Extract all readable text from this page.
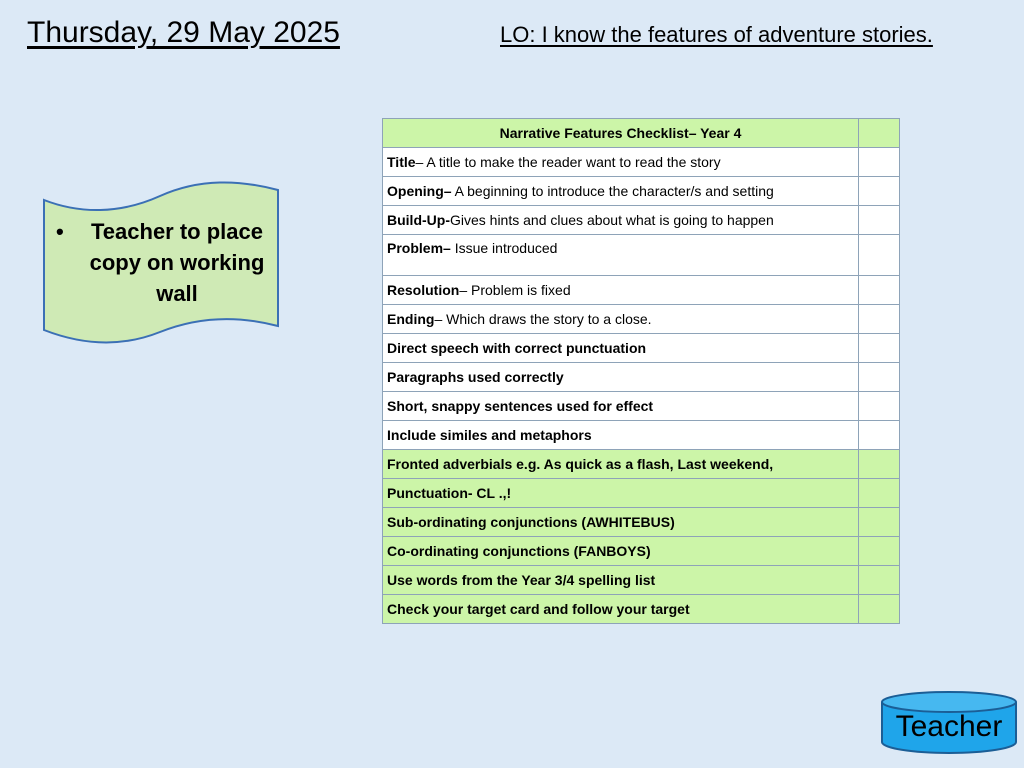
Thursday, 29 May 2025	LO: I know the features of adventure stories.
•	Teacher to place copy on working wall
Narrative Features Checklist– Year 4	
Title– A title to make the reader want to read the story	
Opening– A beginning to introduce the character/s and setting	
Build-Up-Gives hints and clues about what is going to happen	
Problem– Issue introduced	
Resolution– Problem is fixed	
Ending– Which draws the story to a close.	
Direct speech with correct punctuation	
Paragraphs used correctly	
Short, snappy sentences used for effect	
Include similes and metaphors	
Fronted adverbials e.g. As quick as a flash, Last weekend,	
Punctuation- CL .,!	
Sub-ordinating conjunctions (AWHITEBUS)	
Co-ordinating conjunctions (FANBOYS)	
Use words from the Year 3/4 spelling list	
Check your target card and follow your target	
Teacher
